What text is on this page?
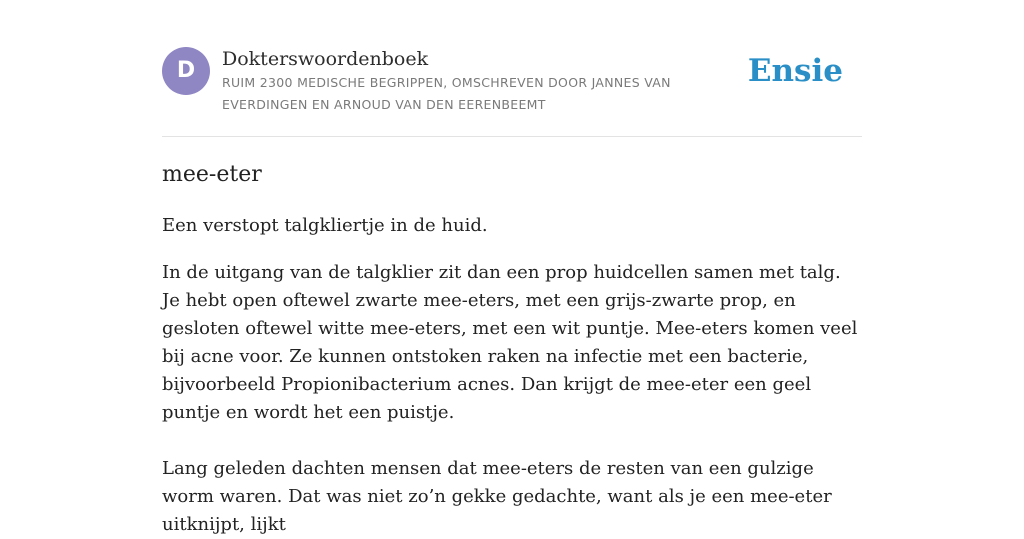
D	Dokterswoordenboek
RUIM 2300 MEDISCHE BEGRIPPEN, OMSCHREVEN DOOR JANNES VAN EVERDINGEN EN ARNOUD VAN DEN EERENBEEMT
Ensie
mee-eter

Een verstopt talgkliertje in de huid.

In de uitgang van de talgklier zit dan een prop huidcellen samen met talg. Je hebt open oftewel zwarte mee-eters, met een grijs-zwarte prop, en gesloten oftewel witte mee-eters, met een wit puntje. Mee-eters komen veel bij acne voor. Ze kunnen ontstoken raken na infectie met een bacterie, bijvoorbeeld Propionibacterium acnes. Dan krijgt de mee-eter een geel puntje en wordt het een puistje.

Lang geleden dachten mensen dat mee-eters de resten van een gulzige worm waren. Dat was niet zo’n gekke gedachte, want als je een mee-eter uitknijpt, lijkt
